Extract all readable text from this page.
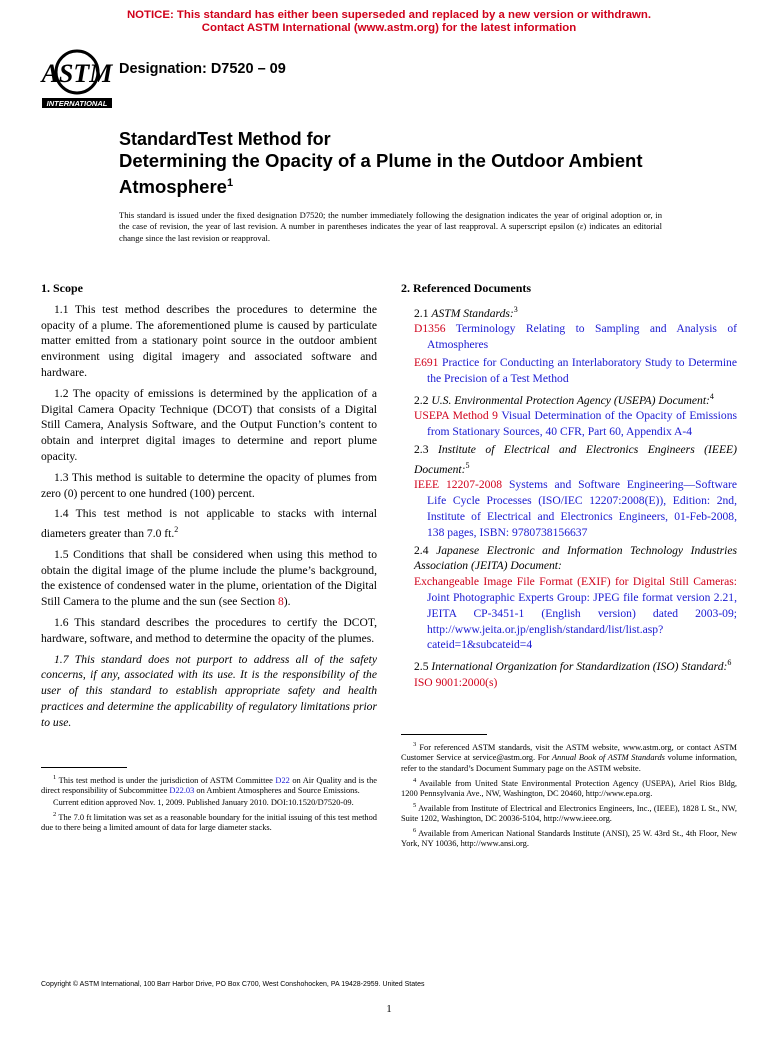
NOTICE: This standard has either been superseded and replaced by a new version or withdrawn.
Contact ASTM International (www.astm.org) for the latest information
ASTM
INTERNATIONAL
Designation: D7520 – 09
StandardTest Method for
Determining the Opacity of a Plume in the Outdoor Ambient
Atmosphere$^1$
This standard is issued under the fixed designation D7520; the number immediately following the designation indicates the year of original adoption or, in the case of revision, the year of last revision. A number in parentheses indicates the year of last reapproval. A superscript epsilon (ε) indicates an editorial change since the last revision or reapproval.
1. Scope

1.1 This test method describes the procedures to determine the opacity of a plume. The aforementioned plume is caused by particulate matter emitted from a stationary point source in the outdoor ambient environment using digital imagery and associated software and hardware.

1.2 The opacity of emissions is determined by the application of a Digital Camera Opacity Technique (DCOT) that consists of a Digital Still Camera, Analysis Software, and the Output Function’s content to obtain and interpret digital images to determine and report plume opacity.

1.3 This method is suitable to determine the opacity of plumes from zero (0) percent to one hundred (100) percent.

1.4 This test method is not applicable to stacks with internal diameters greater than 7.0 ft.$^2$

1.5 Conditions that shall be considered when using this method to obtain the digital image of the plume include the plume’s background, the existence of condensed water in the plume, orientation of the Digital Still Camera to the plume and the sun (see Section 8).

1.6 This standard describes the procedures to certify the DCOT, hardware, software, and method to determine the opacity of the plumes.

1.7 This standard does not purport to address all of the safety concerns, if any, associated with its use. It is the responsibility of the user of this standard to establish appropriate safety and health practices and determine the applicability of regulatory limitations prior to use.

2. Referenced Documents
2.1 ASTM Standards:$^3$
D1356 Terminology Relating to Sampling and Analysis of Atmospheres
E691 Practice for Conducting an Interlaboratory Study to Determine the Precision of a Test Method
2.2 U.S. Environmental Protection Agency (USEPA) Document:$^4$
USEPA Method 9 Visual Determination of the Opacity of Emissions from Stationary Sources, 40 CFR, Part 60, Appendix A-4
2.3 Institute of Electrical and Electronics Engineers (IEEE) Document:$^5$
IEEE 12207-2008 Systems and Software Engineering—Software Life Cycle Processes (ISO/IEC 12207:2008(E)), Edition: 2nd, Institute of Electrical and Electronics Engineers, 01-Feb-2008, 138 pages, ISBN: 9780738156637
2.4 Japanese Electronic and Information Technology Industries Association (JEITA) Document:
Exchangeable Image File Format (EXIF) for Digital Still Cameras: Joint Photographic Experts Group: JPEG file format version 2.21, JEITA CP-3451-1 (English version) dated 2003-09; http://www.jeita.or.jp/english/standard/list/list.asp?cateid=1&subcateid=4
2.5 International Organization for Standardization (ISO) Standard:$^6$
ISO 9001:2000(s)
$^1$ This test method is under the jurisdiction of ASTM Committee D22 on Air Quality and is the direct responsibility of Subcommittee D22.03 on Ambient Atmospheres and Source Emissions.
Current edition approved Nov. 1, 2009. Published January 2010. DOI:10.1520/D7520-09.
$^2$ The 7.0 ft limitation was set as a reasonable boundary for the initial issuing of this test method due to there being a limited amount of data for large diameter stacks.
$^3$ For referenced ASTM standards, visit the ASTM website, www.astm.org, or contact ASTM Customer Service at service@astm.org. For Annual Book of ASTM Standards volume information, refer to the standard’s Document Summary page on the ASTM website.
$^4$ Available from United State Environmental Protection Agency (USEPA), Ariel Rios Bldg, 1200 Pennsylvania Ave., NW, Washington, DC 20460, http://www.epa.org.
$^5$ Available from Institute of Electrical and Electronics Engineers, Inc., (IEEE), 1828 L St., NW, Suite 1202, Washington, DC 20036-5104, http://www.ieee.org.
$^6$ Available from American National Standards Institute (ANSI), 25 W. 43rd St., 4th Floor, New York, NY 10036, http://www.ansi.org.
Copyright © ASTM International, 100 Barr Harbor Drive, PO Box C700, West Conshohocken, PA 19428-2959. United States
1
